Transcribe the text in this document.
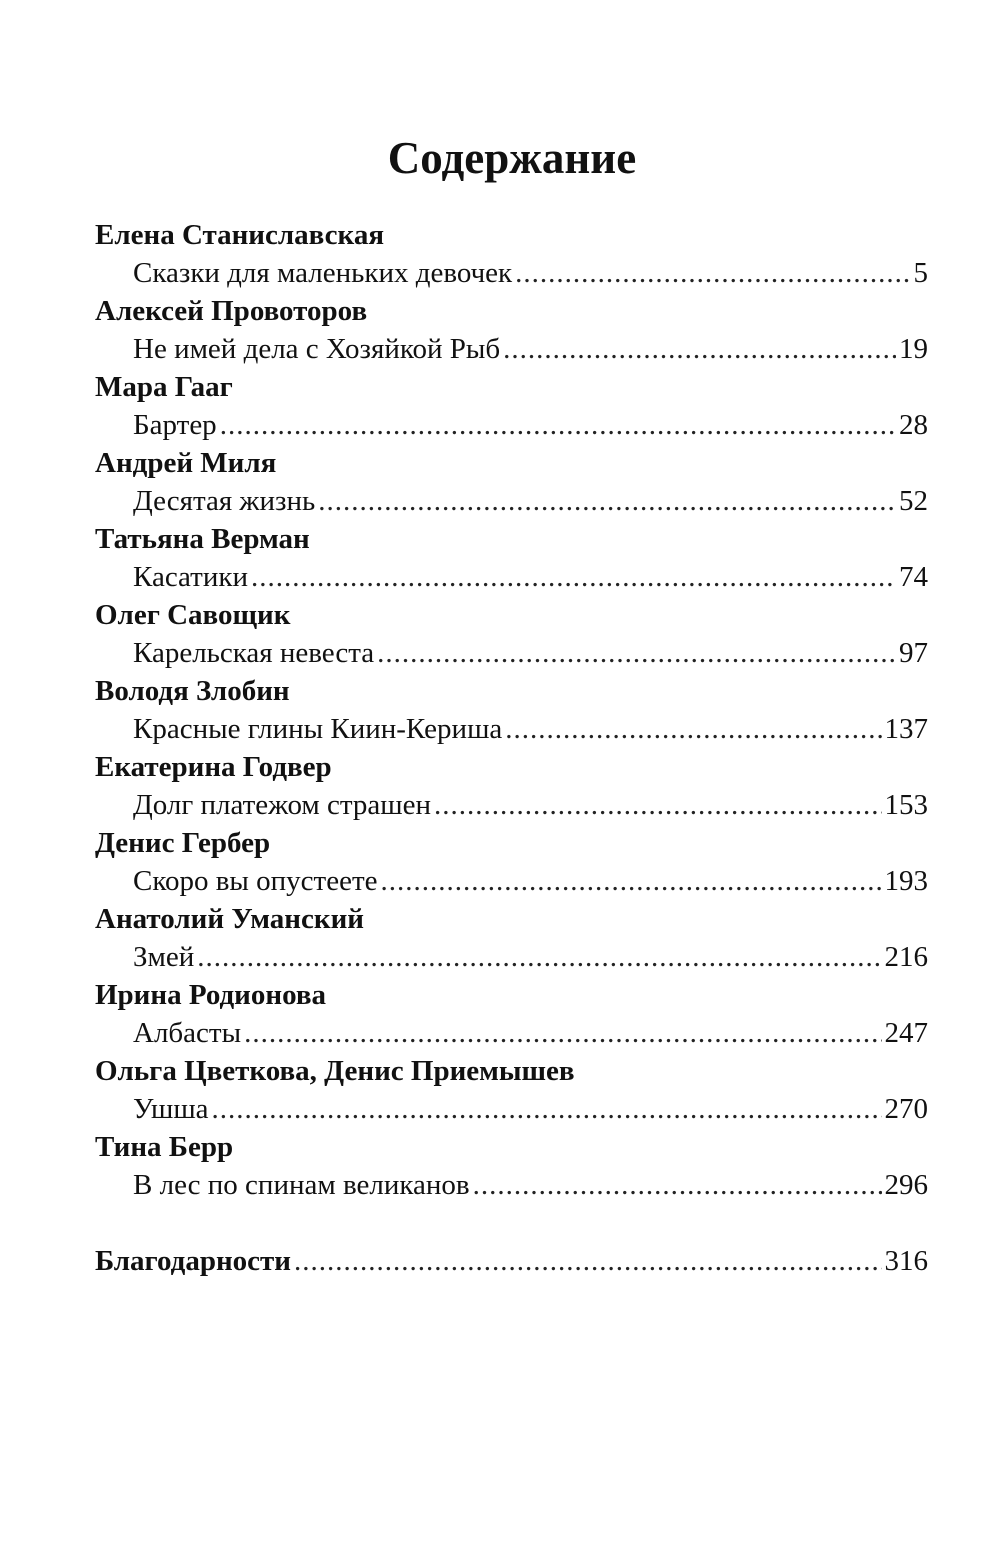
Содержание
Елена Станиславская
Сказки для маленьких девочек .....	5
Алексей Провоторов
Не имей дела с Хозяйкой Рыб .....	19
Мара Гааг
Бартер .....	28
Андрей Миля
Десятая жизнь .....	52
Татьяна Верман
Касатики .....	74
Олег Савощик
Карельская невеста .....	97
Володя Злобин
Красные глины Киин-Кериша .....	137
Екатерина Годвер
Долг платежом страшен .....	153
Денис Гербер
Скоро вы опустеете .....	193
Анатолий Уманский
Змей .....	216
Ирина Родионова
Албасты .....	247
Ольга Цветкова, Денис Приемышев
Ушша .....	270
Тина Берр
В лес по спинам великанов .....	296
Благодарности .....	316
